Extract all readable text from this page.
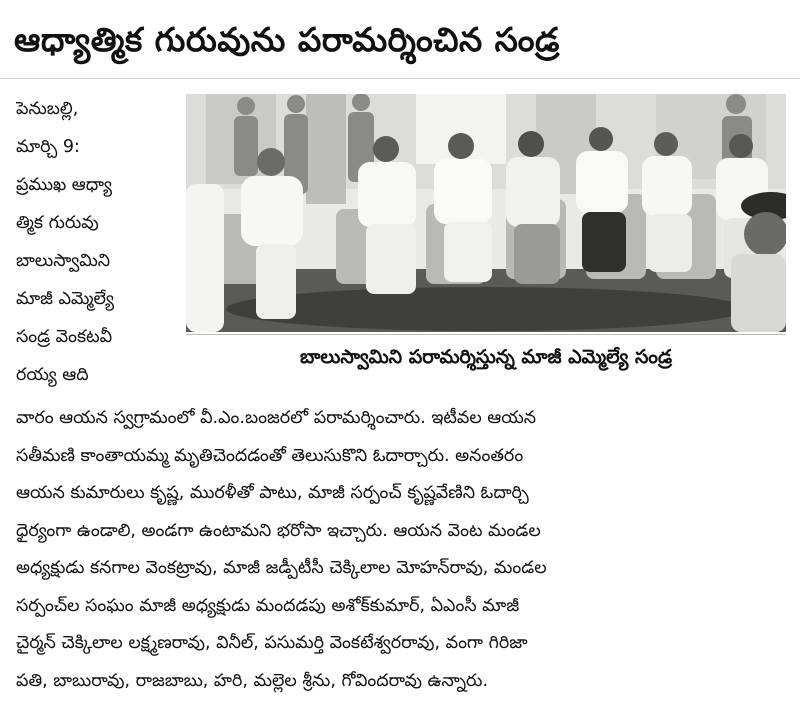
ఆధ్యాత్మిక గురువును పరామర్శించిన సండ్ర
పెనుబల్లి,
మార్చి 9:
ప్రముఖ ఆధ్యా
త్మిక గురువు
బాలుస్వామిని
మాజీ ఎమ్మెల్యే
సండ్ర వెంకటవీ
రయ్య ఆది
బాలుస్వామిని పరామర్శిస్తున్న మాజీ ఎమ్మెల్యే సండ్ర
వారం ఆయన స్వగ్రామంలో వీ.ఎం.బంజరలో పరామర్శించారు. ఇటీవల ఆయన
సతీమణి కాంతాయమ్మ మృతిచెందడంతో తెలుసుకొని ఓదార్చారు. అనంతరం
ఆయన కుమారులు కృష్ణ, మురళీతో పాటు, మాజీ సర్పంచ్ కృష్ణవేణిని ఓదార్చి
ధైర్యంగా ఉండాలి, అండగా ఉంటామని భరోసా ఇచ్చారు. ఆయన వెంట మండల
అధ్యక్షుడు కనగాల వెంకట్రావు, మాజీ జడ్పీటీసీ చెక్కిలాల మోహన్‌రావు, మండల
సర్పంచ్‌ల సంఘం మాజీ అధ్యక్షుడు మందడపు అశోక్‌కుమార్, ఏఎంసీ మాజీ
చైర్మన్ చెక్కిలాల లక్ష్మణరావు, వినీల్, పసుమర్తి వెంకటేశ్వరరావు, వంగా గిరిజా
పతి, బాబురావు, రాజబాబు, హరి, మల్లెల శ్రీను, గోవిందరావు ఉన్నారు.
